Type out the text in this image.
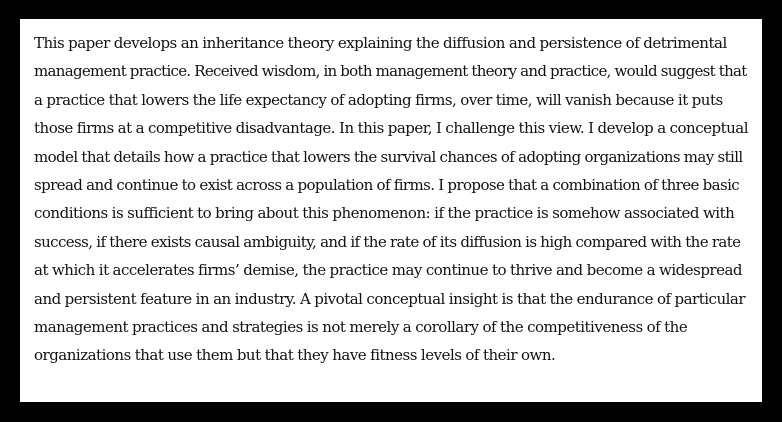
This paper develops an inheritance theory explaining the diffusion and persistence of detrimental
management practice. Received wisdom, in both management theory and practice, would suggest that
a practice that lowers the life expectancy of adopting firms, over time, will vanish because it puts
those firms at a competitive disadvantage. In this paper, I challenge this view. I develop a conceptual
model that details how a practice that lowers the survival chances of adopting organizations may still
spread and continue to exist across a population of firms. I propose that a combination of three basic
conditions is sufficient to bring about this phenomenon: if the practice is somehow associated with
success, if there exists causal ambiguity, and if the rate of its diffusion is high compared with the rate
at which it accelerates firms’ demise, the practice may continue to thrive and become a widespread
and persistent feature in an industry. A pivotal conceptual insight is that the endurance of particular
management practices and strategies is not merely a corollary of the competitiveness of the
organizations that use them but that they have fitness levels of their own.
